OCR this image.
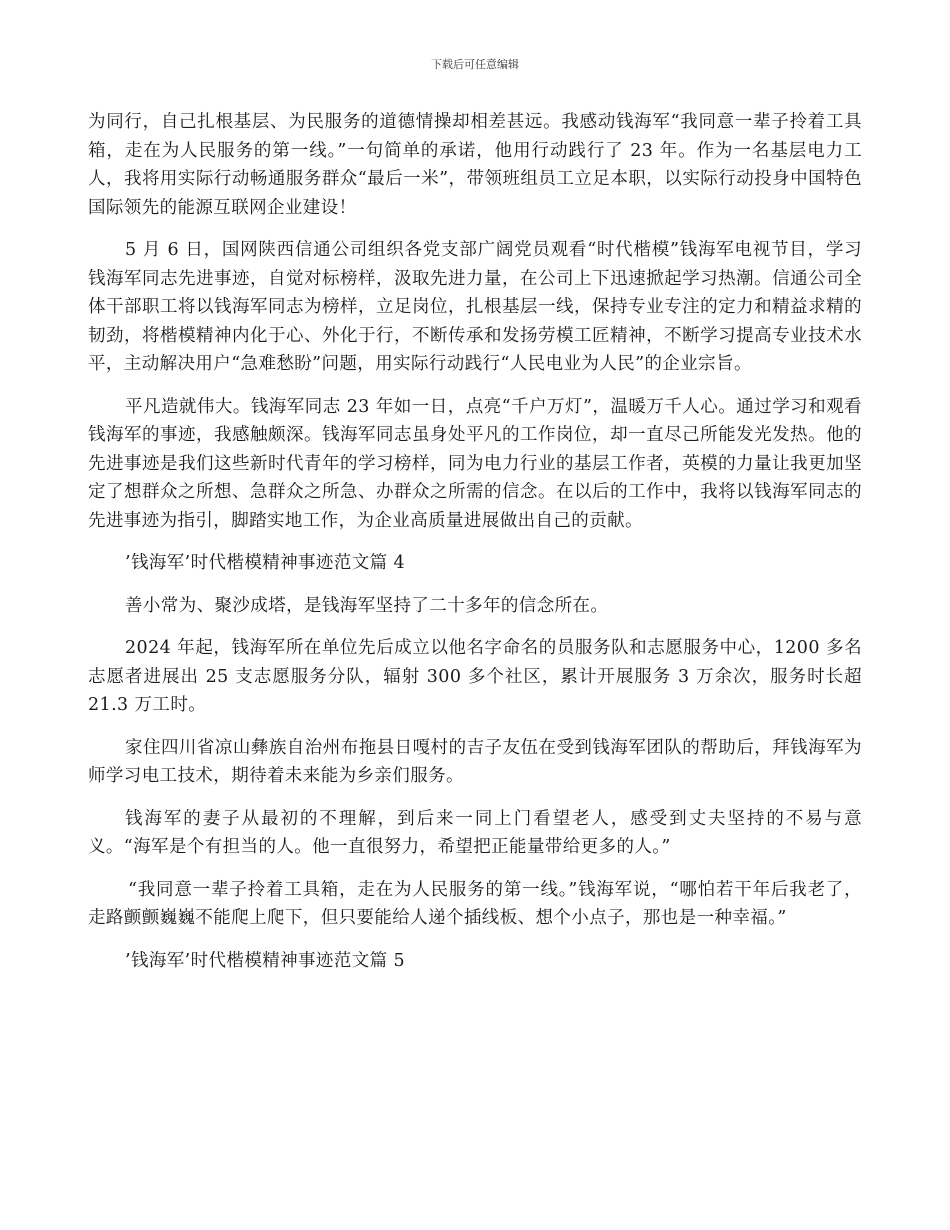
下载后可任意编辑

为同行，自己扎根基层、为民服务的道德情操却相差甚远。我感动钱海军“我同意一辈子拎着工具箱，走在为人民服务的第一线。”一句简单的承诺，他用行动践行了 23 年。作为一名基层电力工人，我将用实际行动畅通服务群众“最后一米”，带领班组员工立足本职，以实际行动投身中国特色国际领先的能源互联网企业建设！

5 月 6 日，国网陕西信通公司组织各党支部广阔党员观看“时代楷模”钱海军电视节目，学习钱海军同志先进事迹，自觉对标榜样，汲取先进力量，在公司上下迅速掀起学习热潮。信通公司全体干部职工将以钱海军同志为榜样，立足岗位，扎根基层一线，保持专业专注的定力和精益求精的韧劲，将楷模精神内化于心、外化于行，不断传承和发扬劳模工匠精神，不断学习提高专业技术水平，主动解决用户“急难愁盼”问题，用实际行动践行“人民电业为人民”的企业宗旨。

平凡造就伟大。钱海军同志 23 年如一日，点亮“千户万灯”，温暖万千人心。通过学习和观看钱海军的事迹，我感触颇深。钱海军同志虽身处平凡的工作岗位，却一直尽己所能发光发热。他的先进事迹是我们这些新时代青年的学习榜样，同为电力行业的基层工作者，英模的力量让我更加坚定了想群众之所想、急群众之所急、办群众之所需的信念。在以后的工作中，我将以钱海军同志的先进事迹为指引，脚踏实地工作，为企业高质量进展做出自己的贡献。

’钱海军’时代楷模精神事迹范文篇 4

善小常为、聚沙成塔，是钱海军坚持了二十多年的信念所在。

2024 年起，钱海军所在单位先后成立以他名字命名的员服务队和志愿服务中心，1200 多名志愿者进展出 25 支志愿服务分队，辐射 300 多个社区，累计开展服务 3 万余次，服务时长超 21.3 万工时。

家住四川省凉山彝族自治州布拖县日嘎村的吉子友伍在受到钱海军团队的帮助后，拜钱海军为师学习电工技术，期待着未来能为乡亲们服务。

钱海军的妻子从最初的不理解，到后来一同上门看望老人，感受到丈夫坚持的不易与意义。“海军是个有担当的人。他一直很努力，希望把正能量带给更多的人。”

“我同意一辈子拎着工具箱，走在为人民服务的第一线。”钱海军说，“哪怕若干年后我老了，走路颤颤巍巍不能爬上爬下，但只要能给人递个插线板、想个小点子，那也是一种幸福。”

’钱海军’时代楷模精神事迹范文篇 5
